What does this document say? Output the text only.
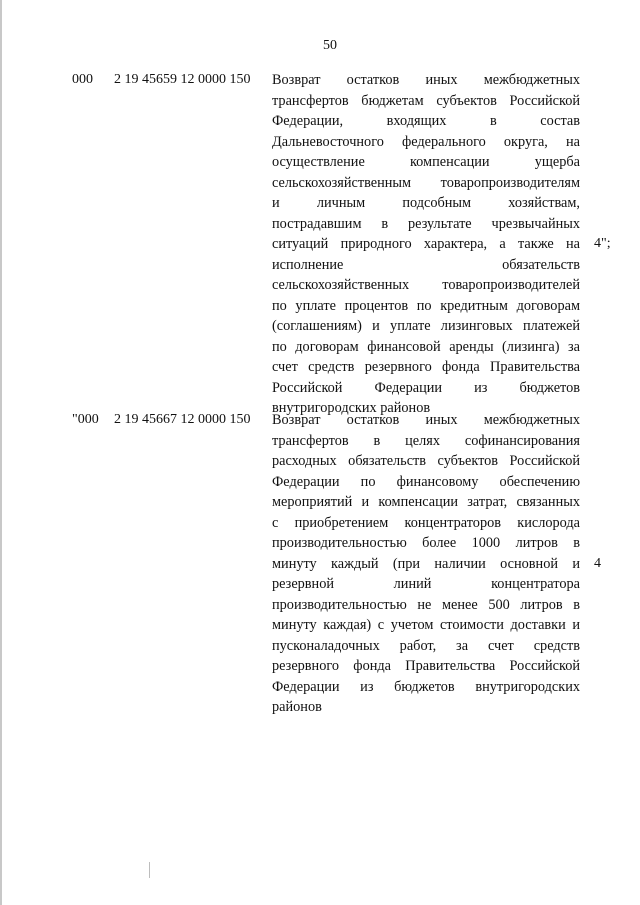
50
000 2 19 45659 12 0000 150 Возврат остатков иных межбюджетных
трансфертов бюджетам субъектов Российской
Федерации, входящих в состав
Дальневосточного федерального округа, на
осуществление компенсации ущерба
сельскохозяйственным товаропроизводителям
и личным подсобным хозяйствам,
пострадавшим в результате чрезвычайных
ситуаций природного характера, а также на
исполнение обязательств
сельскохозяйственных товаропроизводителей
по уплате процентов по кредитным договорам
(соглашениям) и уплате лизинговых платежей
по договорам финансовой аренды (лизинга) за
счет средств резервного фонда Правительства
Российской Федерации из бюджетов
внутригородских районов
4";
"000 2 19 45667 12 0000 150 Возврат остатков иных межбюджетных
трансфертов в целях софинансирования
расходных обязательств субъектов Российской
Федерации по финансовому обеспечению
мероприятий и компенсации затрат, связанных
с приобретением концентраторов кислорода
производительностью более 1000 литров в
минуту каждый (при наличии основной и
резервной линий концентратора
производительностью не менее 500 литров в
минуту каждая) с учетом стоимости доставки и
пусконаладочных работ, за счет средств
резервного фонда Правительства Российской
Федерации из бюджетов внутригородских
районов
4
